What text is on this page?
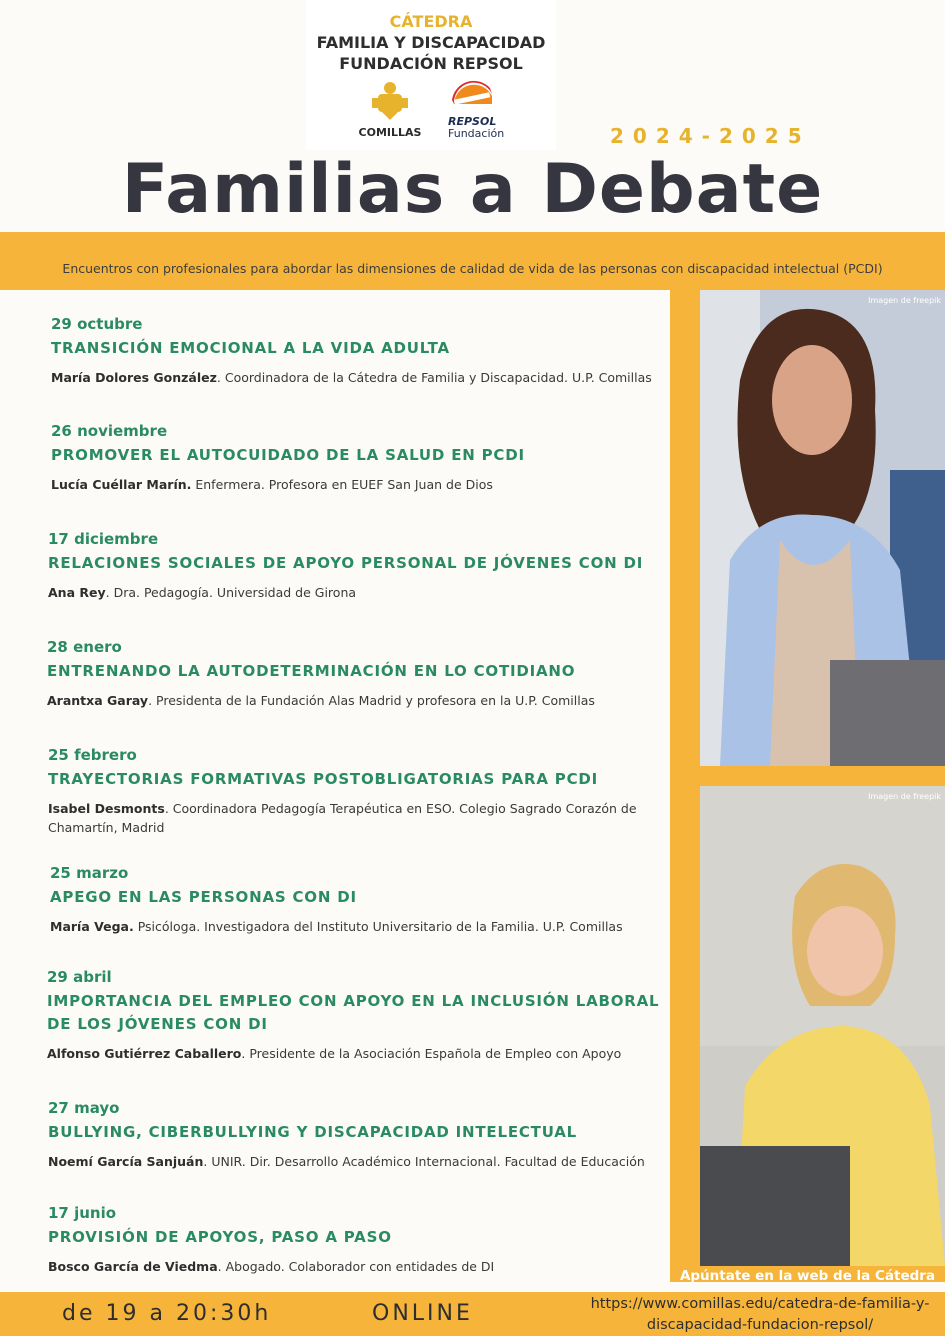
CÁTEDRA
FAMILIA Y DISCAPACIDAD
FUNDACIÓN REPSOL
COMILLAS
REPSOL
Fundación	2024-2025
Familias a Debate
Encuentros con profesionales para abordar las dimensiones de calidad de vida de las personas con discapacidad intelectual (PCDI)
Imagen de freepik
Imagen de freepik
29 octubre
TRANSICIÓN EMOCIONAL A LA VIDA ADULTA
María Dolores González. Coordinadora de la Cátedra de Familia y Discapacidad. U.P. Comillas
26 noviembre
PROMOVER EL AUTOCUIDADO DE LA SALUD EN PCDI
Lucía Cuéllar Marín. Enfermera. Profesora en EUEF San Juan de Dios
17 diciembre
RELACIONES SOCIALES DE APOYO PERSONAL DE JÓVENES CON DI
Ana Rey. Dra. Pedagogía. Universidad de Girona
28 enero
ENTRENANDO LA AUTODETERMINACIÓN EN LO COTIDIANO
Arantxa Garay. Presidenta de la Fundación Alas Madrid y profesora en la U.P. Comillas
25 febrero
TRAYECTORIAS FORMATIVAS POSTOBLIGATORIAS PARA PCDI
Isabel Desmonts. Coordinadora Pedagogía Terapéutica en ESO. Colegio Sagrado Corazón de Chamartín, Madrid
25 marzo
APEGO EN LAS PERSONAS CON DI
María Vega. Psicóloga. Investigadora del Instituto Universitario de la Familia. U.P. Comillas
29 abril
IMPORTANCIA DEL EMPLEO CON APOYO EN LA INCLUSIÓN LABORAL DE LOS JÓVENES CON DI
Alfonso Gutiérrez Caballero. Presidente de la Asociación Española de Empleo con Apoyo
27 mayo
BULLYING, CIBERBULLYING Y DISCAPACIDAD INTELECTUAL
Noemí García Sanjuán. UNIR. Dir. Desarrollo Académico Internacional. Facultad de Educación
17 junio
PROVISIÓN DE APOYOS, PASO A PASO
Bosco García de Viedma. Abogado. Colaborador con entidades de DI
Apúntate en la web de la Cátedra
de 19 a 20:30h	ONLINE	https://www.comillas.edu/catedra-de-familia-y-
discapacidad-fundacion-repsol/
